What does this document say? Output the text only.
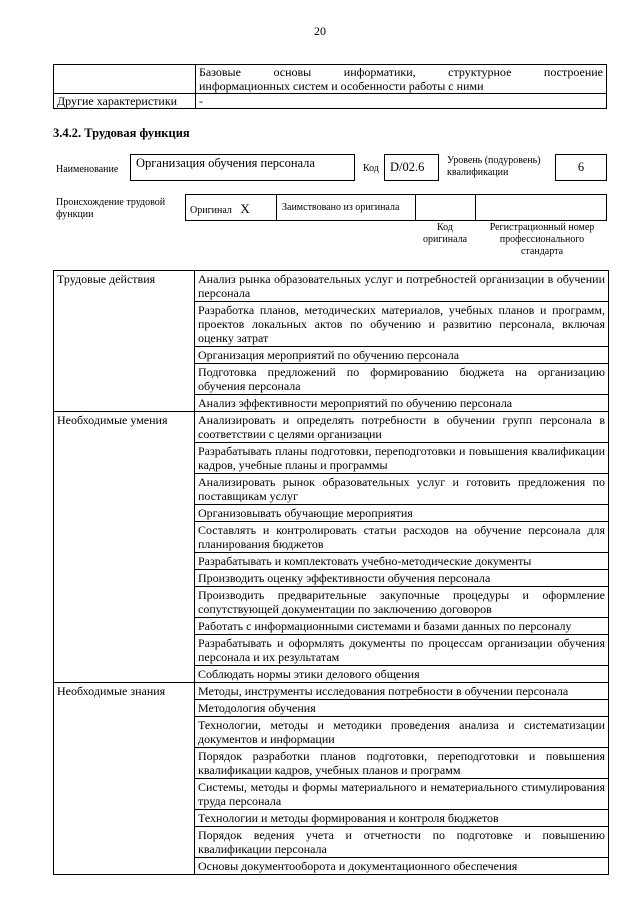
20

	Базовые основы информатики, структурное построение
информационных систем и особенности работы с ними

Другие характеристики	-
3.4.2. Трудовая функция
Наименование	Организация обучения персонала	Код D/02.6	Уровень (подуровень) квалификации	6
Происхождение трудовой функции	Оригинал X	Заимствовано из оригинала
Код оригинала
Регистрационный номер профессионального стандарта
Трудовые действия	Анализ рынка образовательных услуг и потребностей организации в обучении персонала
	Разработка планов, методических материалов, учебных планов и программ, проектов локальных актов по обучению и развитию персонала, включая оценку затрат
	Организация мероприятий по обучению персонала
	Подготовка предложений по формированию бюджета на организацию обучения персонала
	Анализ эффективности мероприятий по обучению персонала
Необходимые умения	Анализировать и определять потребности в обучении групп персонала в соответствии с целями организации
	Разрабатывать планы подготовки, переподготовки и повышения квалификации кадров, учебные планы и программы
	Анализировать рынок образовательных услуг и готовить предложения по поставщикам услуг
	Организовывать обучающие мероприятия
	Составлять и контролировать статьи расходов на обучение персонала для планирования бюджетов
	Разрабатывать и комплектовать учебно-методические документы
	Производить оценку эффективности обучения персонала
	Производить предварительные закупочные процедуры и оформление сопутствующей документации по заключению договоров
	Работать с информационными системами и базами данных по персоналу
	Разрабатывать и оформлять документы по процессам организации обучения персонала и их результатам
	Соблюдать нормы этики делового общения
Необходимые знания	Методы, инструменты исследования потребности в обучении персонала
	Методология обучения
	Технологии, методы и методики проведения анализа и систематизации документов и информации
	Порядок разработки планов подготовки, переподготовки и повышения квалификации кадров, учебных планов и программ
	Системы, методы и формы материального и нематериального стимулирования труда персонала
	Технологии и методы формирования и контроля бюджетов
	Порядок ведения учета и отчетности по подготовке и повышению квалификации персонала
	Основы документооборота и документационного обеспечения
